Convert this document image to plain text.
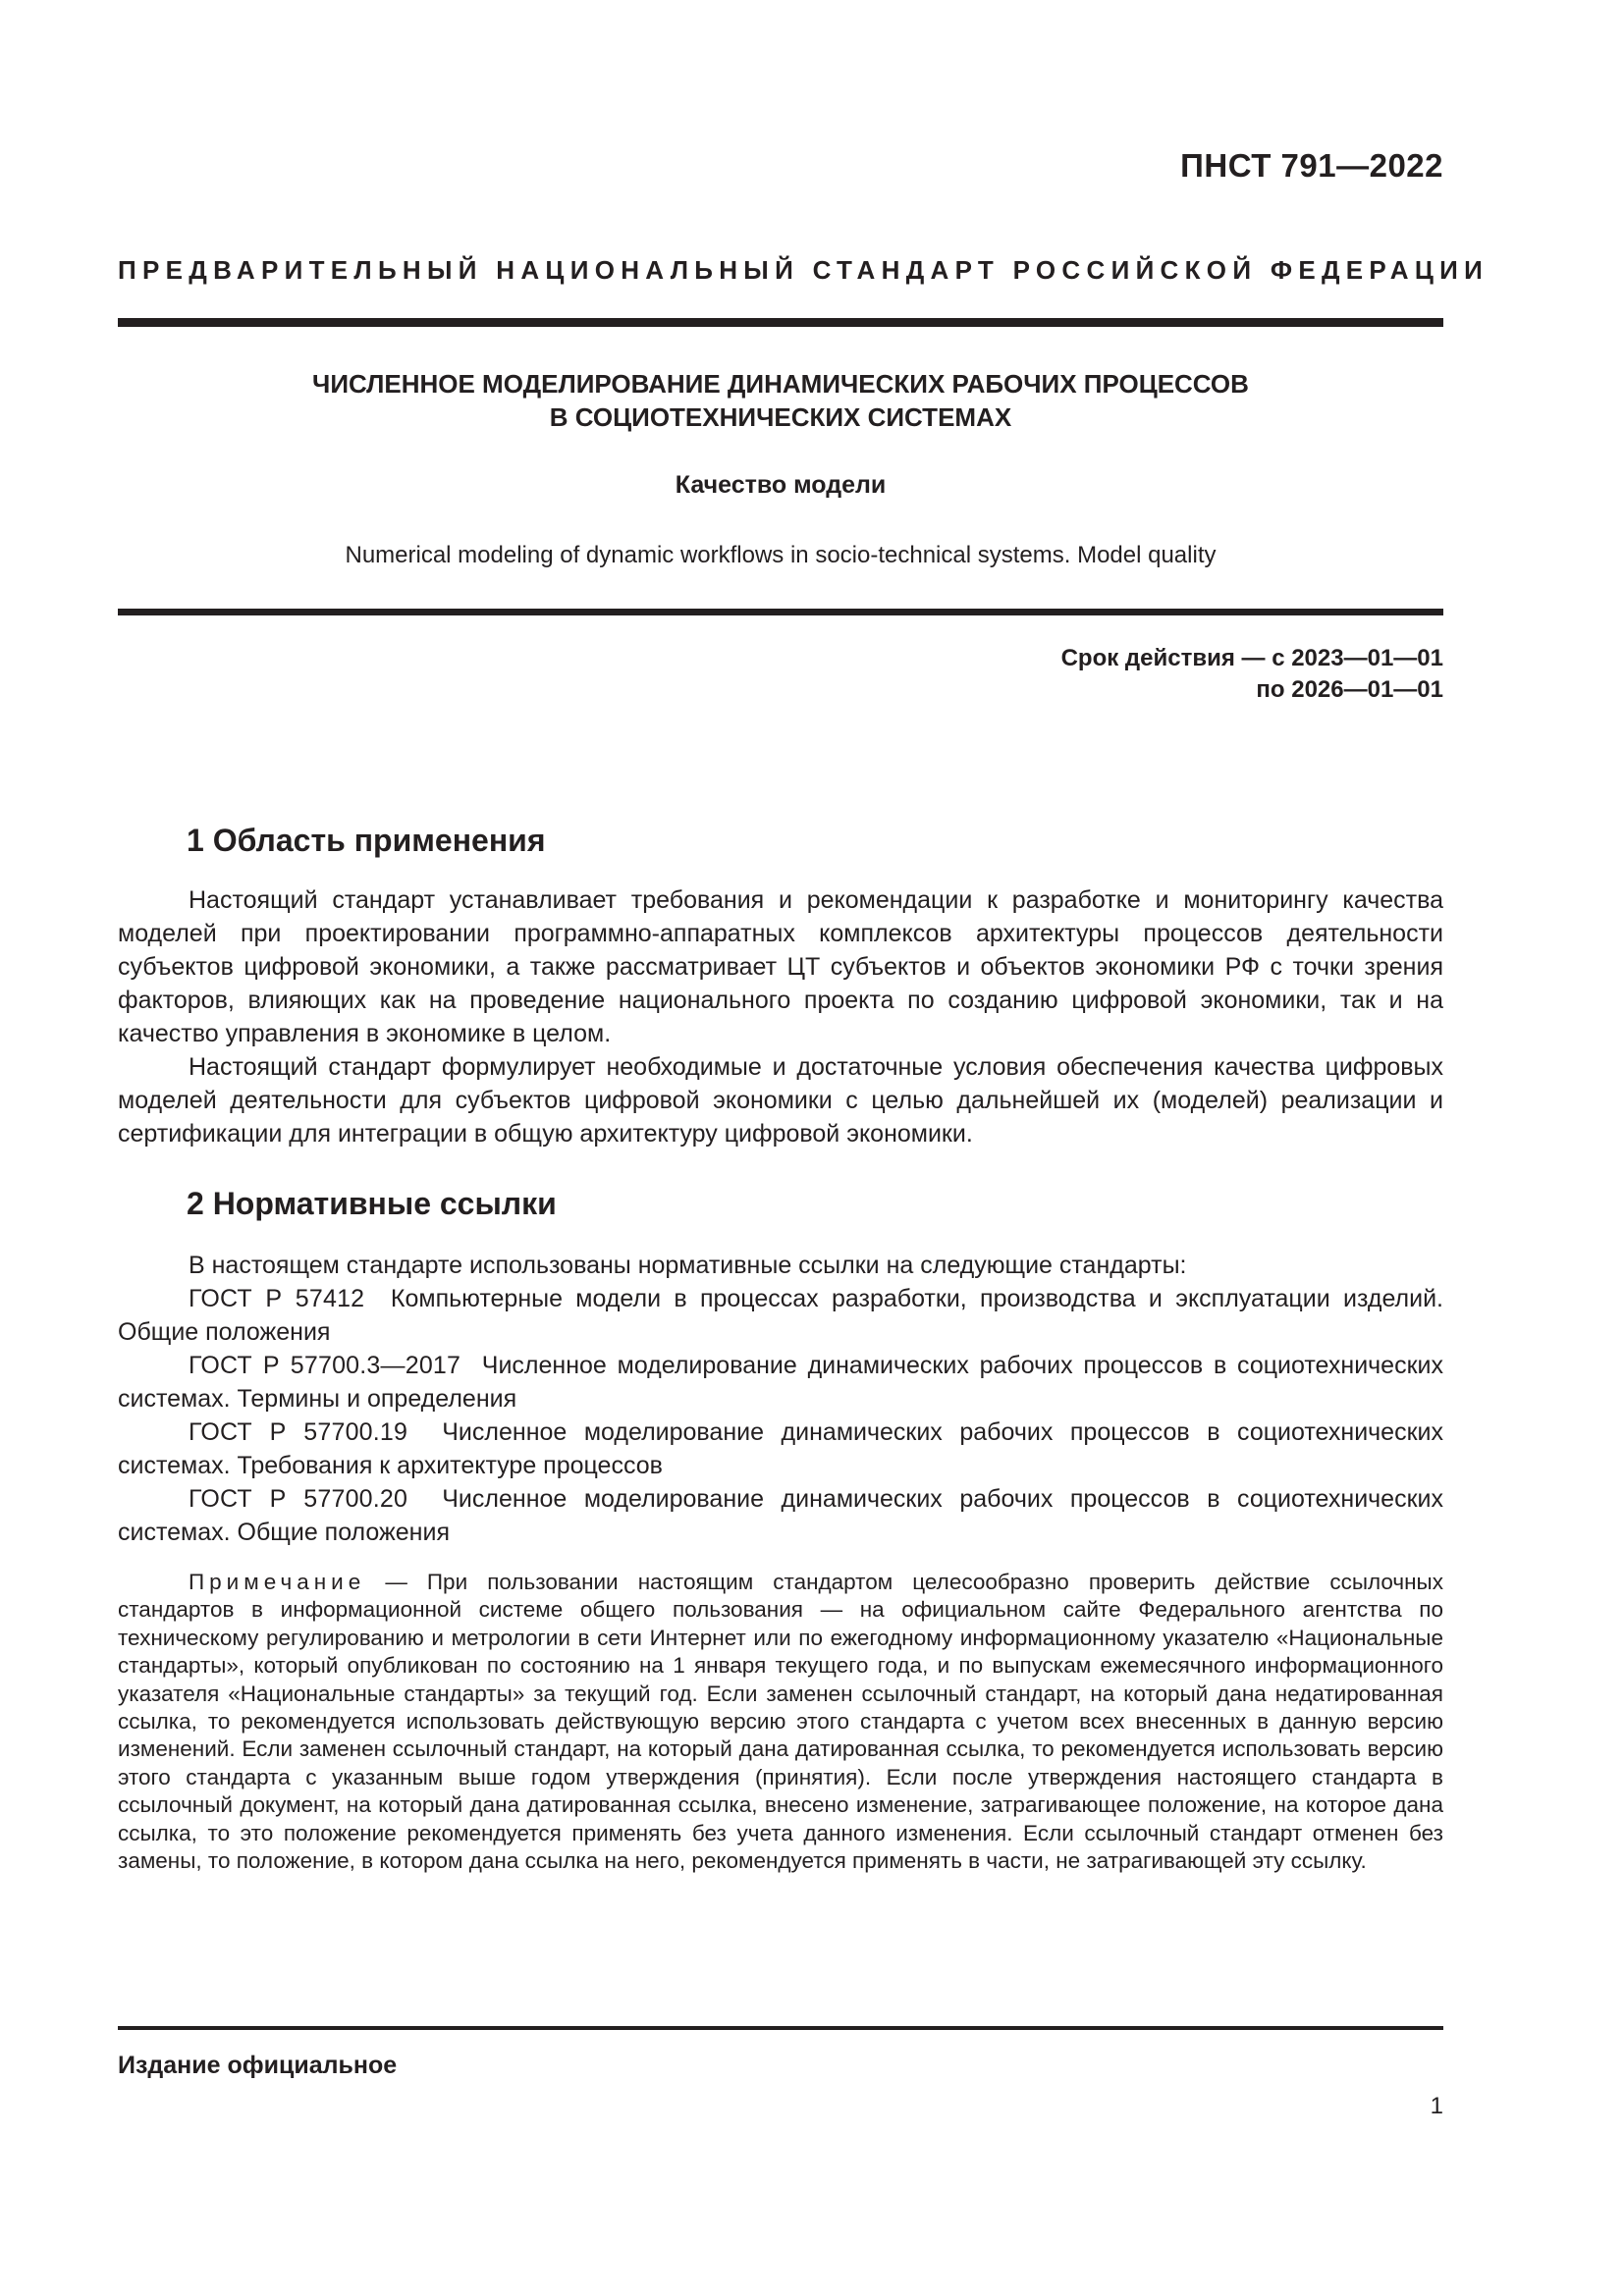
ПНСТ 791—2022
ПРЕДВАРИТЕЛЬНЫЙ НАЦИОНАЛЬНЫЙ СТАНДАРТ РОССИЙСКОЙ ФЕДЕРАЦИИ
ЧИСЛЕННОЕ МОДЕЛИРОВАНИЕ ДИНАМИЧЕСКИХ РАБОЧИХ ПРОЦЕССОВ
В СОЦИОТЕХНИЧЕСКИХ СИСТЕМАХ
Качество модели
Numerical modeling of dynamic workflows in socio-technical systems. Model quality
Срок действия — с 2023—01—01
по 2026—01—01
1 Область применения

Настоящий стандарт устанавливает требования и рекомендации к разработке и мониторингу качества моделей при проектировании программно-аппаратных комплексов архитектуры процессов деятельности субъектов цифровой экономики, а также рассматривает ЦТ субъектов и объектов экономики РФ с точки зрения факторов, влияющих как на проведение национального проекта по созданию цифровой экономики, так и на качество управления в экономике в целом.

Настоящий стандарт формулирует необходимые и достаточные условия обеспечения качества цифровых моделей деятельности для субъектов цифровой экономики с целью дальнейшей их (моделей) реализации и сертификации для интеграции в общую архитектуру цифровой экономики.

2 Нормативные ссылки

В настоящем стандарте использованы нормативные ссылки на следующие стандарты:

ГОСТ Р 57412 Компьютерные модели в процессах разработки, производства и эксплуатации изделий. Общие положения

ГОСТ Р 57700.3—2017 Численное моделирование динамических рабочих процессов в социотехнических системах. Термины и определения

ГОСТ Р 57700.19 Численное моделирование динамических рабочих процессов в социотехнических системах. Требования к архитектуре процессов

ГОСТ Р 57700.20 Численное моделирование динамических рабочих процессов в социотехнических системах. Общие положения

Примечание — При пользовании настоящим стандартом целесообразно проверить действие ссылочных стандартов в информационной системе общего пользования — на официальном сайте Федерального агентства по техническому регулированию и метрологии в сети Интернет или по ежегодному информационному указателю «Национальные стандарты», который опубликован по состоянию на 1 января текущего года, и по выпускам ежемесячного информационного указателя «Национальные стандарты» за текущий год. Если заменен ссылочный стандарт, на который дана недатированная ссылка, то рекомендуется использовать действующую версию этого стандарта с учетом всех внесенных в данную версию изменений. Если заменен ссылочный стандарт, на который дана датированная ссылка, то рекомендуется использовать версию этого стандарта с указанным выше годом утверждения (принятия). Если после утверждения настоящего стандарта в ссылочный документ, на который дана датированная ссылка, внесено изменение, затрагивающее положение, на которое дана ссылка, то это положение рекомендуется применять без учета данного изменения. Если ссылочный стандарт отменен без замены, то положение, в котором дана ссылка на него, рекомендуется применять в части, не затрагивающей эту ссылку.

Издание официальное
1
